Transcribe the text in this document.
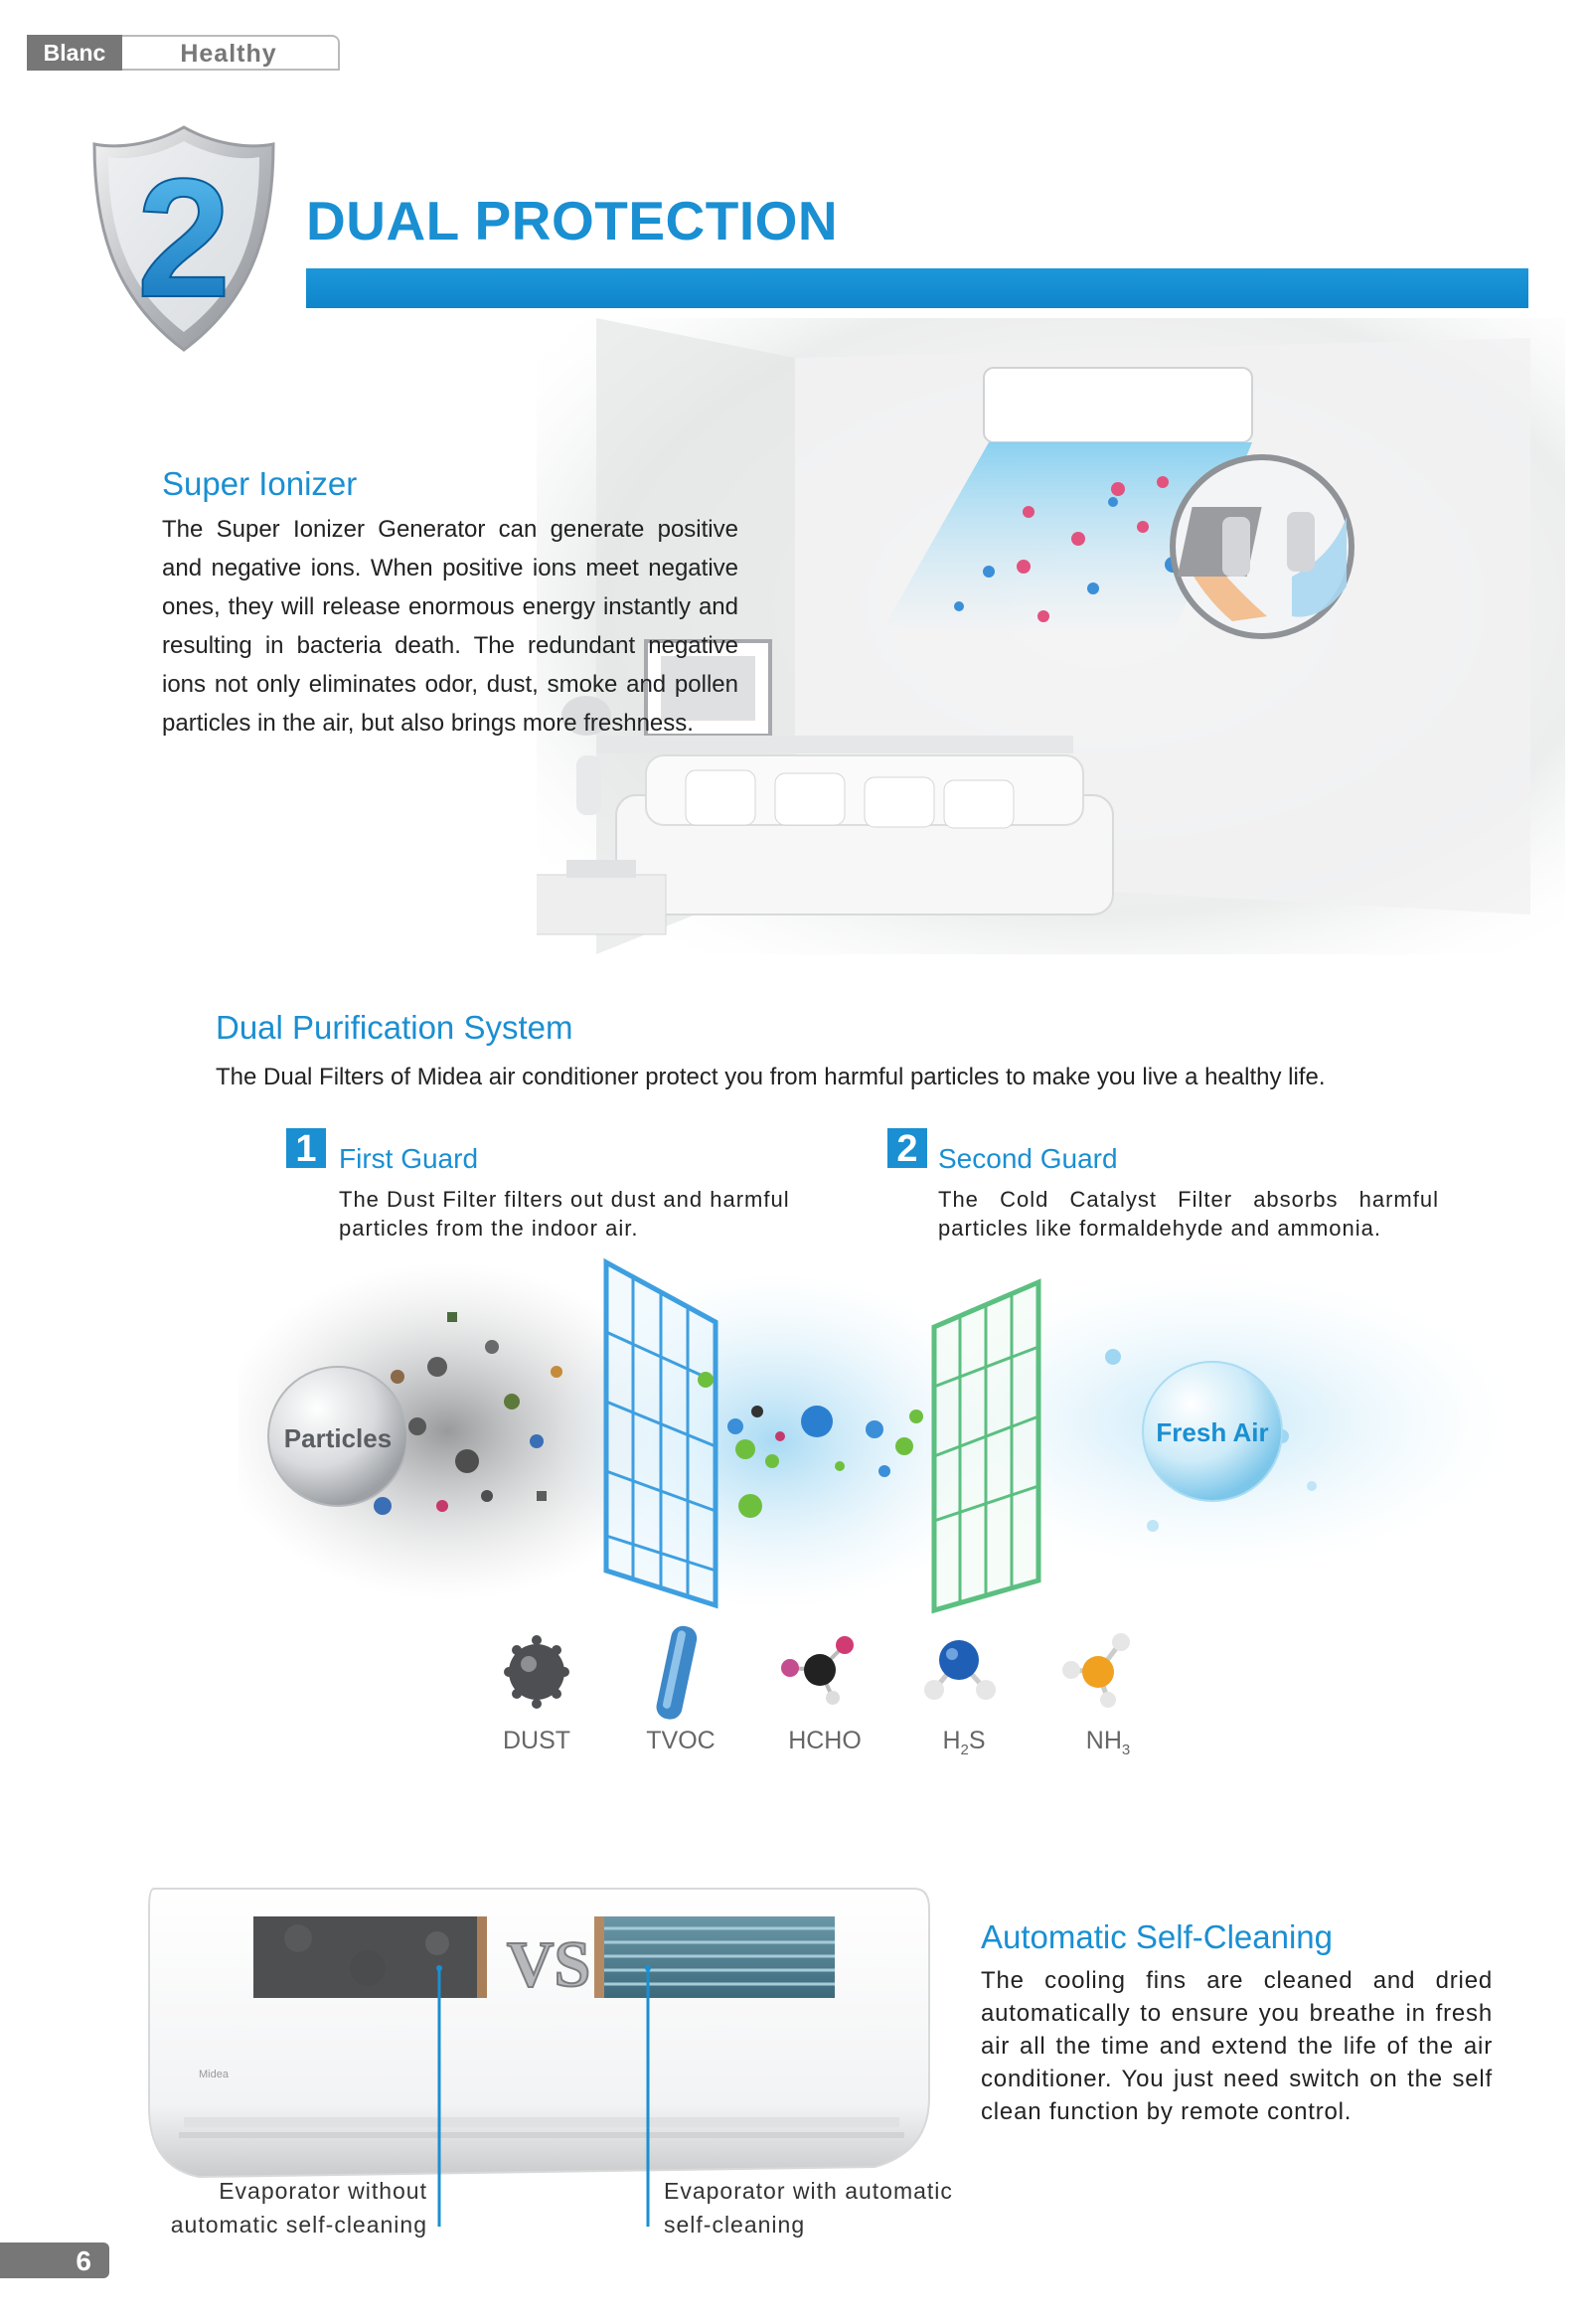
Blanc	Healthy
2 DUAL PROTECTION
Super Ionizer
The Super Ionizer Generator can generate positive
and negative ions. When positive ions meet negative
ones, they will release enormous energy instantly and
resulting in bacteria death. The redundant negative
ions not only eliminates odor, dust, smoke and pollen
particles in the air, but also brings more freshness.
Dual Purification System
The Dual Filters of Midea air conditioner protect you from harmful particles to make you live a healthy life.
1 First Guard
The Dust Filter filters out dust and harmful
particles from the indoor air.
2 Second Guard
The Cold Catalyst Filter absorbs harmful
particles like formaldehyde and ammonia.
Particles	Fresh Air
DUST	TVOC	HCHO	$H_2S$	$NH_3$
VS
Midea
Automatic Self-Cleaning
The cooling fins are cleaned and dried
automatically to ensure you breathe in fresh
air all the time and extend the life of the air
conditioner. You just need switch on the self
clean function by remote control.
Evaporator without
automatic self-cleaning
Evaporator with automatic
self-cleaning
6
